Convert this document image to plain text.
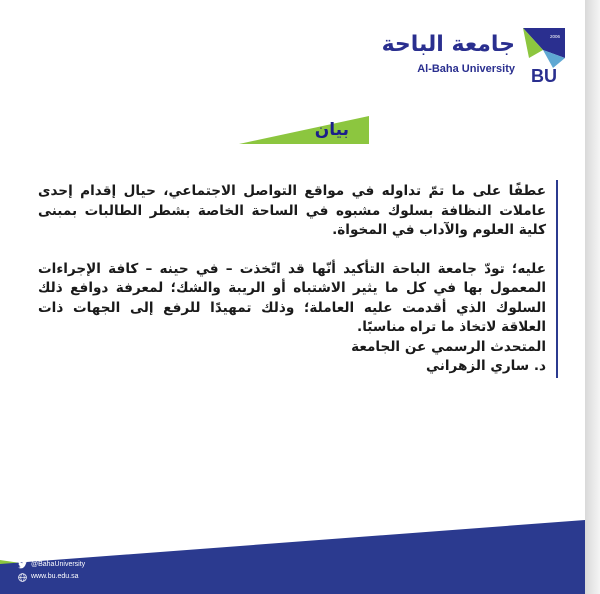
BU
2006
جامعة الباحة
Al-Baha University
بيان

عطفًا على ما تمّ تداوله في مواقع التواصل الاجتماعي، حيال إقدام إحدى عاملات النظافة بسلوك مشبوه في الساحة الخاصة بشطر الطالبات بمبنى كلية العلوم والآداب في المخواة.

عليه؛ تودّ جامعة الباحة التأكيد أنّها قد اتّخذت – في حينه – كافة الإجراءات المعمول بها في كل ما يثير الاشتباه أو الريبة والشك؛ لمعرفة دوافع ذلك السلوك الذي أقدمت عليه العاملة؛ وذلك تمهيدًا للرفع إلى الجهات ذات العلاقة لاتخاذ ما تراه مناسبًا.

المتحدث الرسمي عن الجامعة
د. ساري الزهراني
@BahaUniversity
www.bu.edu.sa
